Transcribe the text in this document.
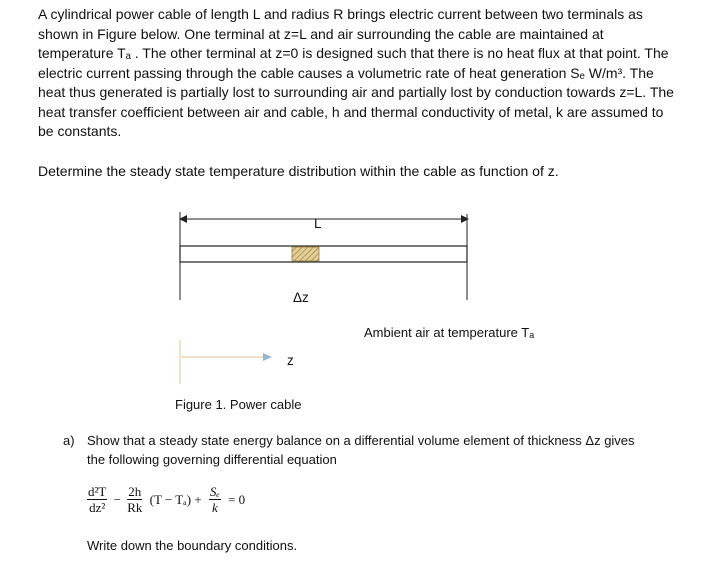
A cylindrical power cable of length L and radius R brings electric current between two terminals as shown in Figure below. One terminal at z=L and air surrounding the cable are maintained at temperature Tₐ . The other terminal at z=0 is designed such that there is no heat flux at that point. The electric current passing through the cable causes a volumetric rate of heat generation Sₑ W/m³. The heat thus generated is partially lost to surrounding air and partially lost by conduction towards z=L. The heat transfer coefficient between air and cable, h and thermal conductivity of metal, k are assumed to be constants.

Determine the steady state temperature distribution within the cable as function of z.

L
Δz
Ambient air at temperature Tₐ
z
Figure 1. Power cable
a) Show that a steady state energy balance on a differential volume element of thickness Δz gives the following governing differential equation
$\frac{\text{d²T}}{\text{dz²}} - \frac{2h}{Rk} (T - T_a) + \frac{\text{Sₑ}}{k} = 0$
Write down the boundary conditions.
